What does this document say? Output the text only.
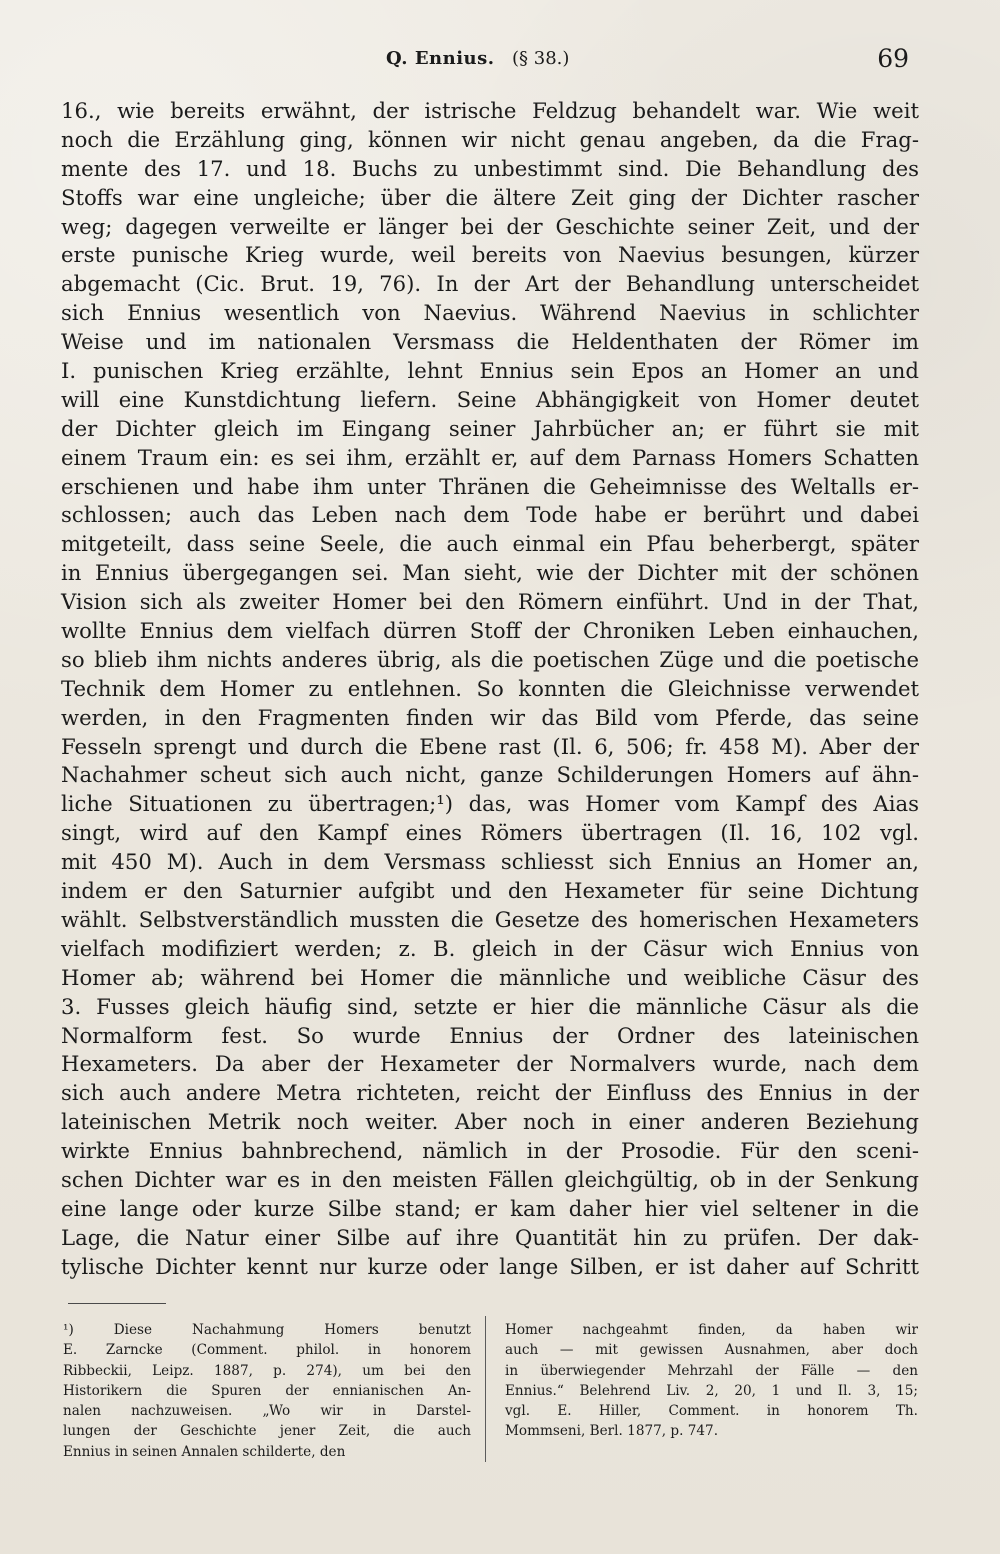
Q. Ennius. (§ 38.)	69
16., wie bereits erwähnt, der istrische Feldzug behandelt war. Wie weit
noch die Erzählung ging, können wir nicht genau angeben, da die Frag-
mente des 17. und 18. Buchs zu unbestimmt sind. Die Behandlung des
Stoffs war eine ungleiche; über die ältere Zeit ging der Dichter rascher
weg; dagegen verweilte er länger bei der Geschichte seiner Zeit, und der
erste punische Krieg wurde, weil bereits von Naevius besungen, kürzer
abgemacht (Cic. Brut. 19, 76). In der Art der Behandlung unterscheidet
sich Ennius wesentlich von Naevius. Während Naevius in schlichter
Weise und im nationalen Versmass die Heldenthaten der Römer im
I. punischen Krieg erzählte, lehnt Ennius sein Epos an Homer an und
will eine Kunstdichtung liefern. Seine Abhängigkeit von Homer deutet
der Dichter gleich im Eingang seiner Jahrbücher an; er führt sie mit
einem Traum ein: es sei ihm, erzählt er, auf dem Parnass Homers Schatten
erschienen und habe ihm unter Thränen die Geheimnisse des Weltalls er-
schlossen; auch das Leben nach dem Tode habe er berührt und dabei
mitgeteilt, dass seine Seele, die auch einmal ein Pfau beherbergt, später
in Ennius übergegangen sei. Man sieht, wie der Dichter mit der schönen
Vision sich als zweiter Homer bei den Römern einführt. Und in der That,
wollte Ennius dem vielfach dürren Stoff der Chroniken Leben einhauchen,
so blieb ihm nichts anderes übrig, als die poetischen Züge und die poetische
Technik dem Homer zu entlehnen. So konnten die Gleichnisse verwendet
werden, in den Fragmenten finden wir das Bild vom Pferde, das seine
Fesseln sprengt und durch die Ebene rast (Il. 6, 506; fr. 458 M). Aber der
Nachahmer scheut sich auch nicht, ganze Schilderungen Homers auf ähn-
liche Situationen zu übertragen;¹) das, was Homer vom Kampf des Aias
singt, wird auf den Kampf eines Römers übertragen (Il. 16, 102 vgl.
mit 450 M). Auch in dem Versmass schliesst sich Ennius an Homer an,
indem er den Saturnier aufgibt und den Hexameter für seine Dichtung
wählt. Selbstverständlich mussten die Gesetze des homerischen Hexameters
vielfach modifiziert werden; z. B. gleich in der Cäsur wich Ennius von
Homer ab; während bei Homer die männliche und weibliche Cäsur des
3. Fusses gleich häufig sind, setzte er hier die männliche Cäsur als die
Normalform fest. So wurde Ennius der Ordner des lateinischen
Hexameters. Da aber der Hexameter der Normalvers wurde, nach dem
sich auch andere Metra richteten, reicht der Einfluss des Ennius in der
lateinischen Metrik noch weiter. Aber noch in einer anderen Beziehung
wirkte Ennius bahnbrechend, nämlich in der Prosodie. Für den sceni-
schen Dichter war es in den meisten Fällen gleichgültig, ob in der Senkung
eine lange oder kurze Silbe stand; er kam daher hier viel seltener in die
Lage, die Natur einer Silbe auf ihre Quantität hin zu prüfen. Der dak-
tylische Dichter kennt nur kurze oder lange Silben, er ist daher auf Schritt
¹) Diese Nachahmung Homers benutzt
E. Zarncke (Comment. philol. in honorem
Ribbeckii, Leipz. 1887, p. 274), um bei den
Historikern die Spuren der ennianischen An-
nalen nachzuweisen. „Wo wir in Darstel-
lungen der Geschichte jener Zeit, die auch
Ennius in seinen Annalen schilderte, den
Homer nachgeahmt finden, da haben wir
auch — mit gewissen Ausnahmen, aber doch
in überwiegender Mehrzahl der Fälle — den
Ennius.“ Belehrend Liv. 2, 20, 1 und Il. 3, 15;
vgl. E. Hiller, Comment. in honorem Th.
Mommseni, Berl. 1877, p. 747.
